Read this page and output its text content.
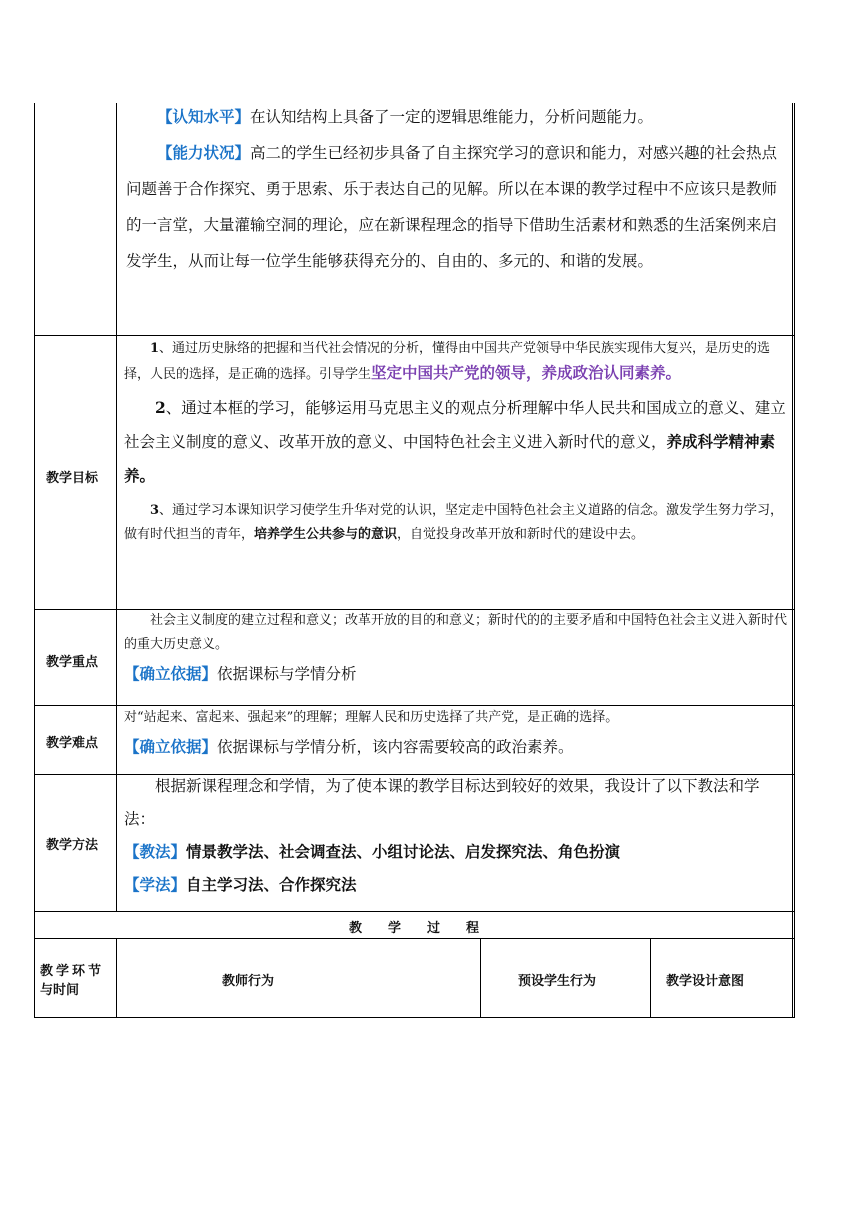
【认知水平】在认知结构上具备了一定的逻辑思维能力，分析问题能力。

【能力状况】高二的学生已经初步具备了自主探究学习的意识和能力，对感兴趣的社会热点问题善于合作探究、勇于思索、乐于表达自己的见解。所以在本课的教学过程中不应该只是教师的一言堂，大量灌输空洞的理论，应在新课程理念的指导下借助生活素材和熟悉的生活案例来启发学生，从而让每一位学生能够获得充分的、自由的、多元的、和谐的发展。

教学目标

1、通过历史脉络的把握和当代社会情况的分析，懂得由中国共产党领导中华民族实现伟大复兴，是历史的选择，人民的选择，是正确的选择。引导学生坚定中国共产党的领导，养成政治认同素养。

2、通过本框的学习，能够运用马克思主义的观点分析理解中华人民共和国成立的意义、建立社会主义制度的意义、改革开放的意义、中国特色社会主义进入新时代的意义，养成科学精神素养。

3、通过学习本课知识学习使学生升华对党的认识，坚定走中国特色社会主义道路的信念。激发学生努力学习，做有时代担当的青年，培养学生公共参与的意识，自觉投身改革开放和新时代的建设中去。

教学重点

社会主义制度的建立过程和意义；改革开放的目的和意义；新时代的的主要矛盾和中国特色社会主义进入新时代的重大历史意义。

【确立依据】依据课标与学情分析

教学难点

对“站起来、富起来、强起来”的理解；理解人民和历史选择了共产党，是正确的选择。

【确立依据】依据课标与学情分析，该内容需要较高的政治素养。

教学方法

根据新课程理念和学情，为了使本课的教学目标达到较好的效果，我设计了以下教法和学法：

【教法】情景教学法、社会调查法、小组讨论法、启发探究法、角色扮演

【学法】自主学习法、合作探究法

教　　学　　过　　程
教学环节
与时间
教师行为	预设学生行为	教学设计意图
